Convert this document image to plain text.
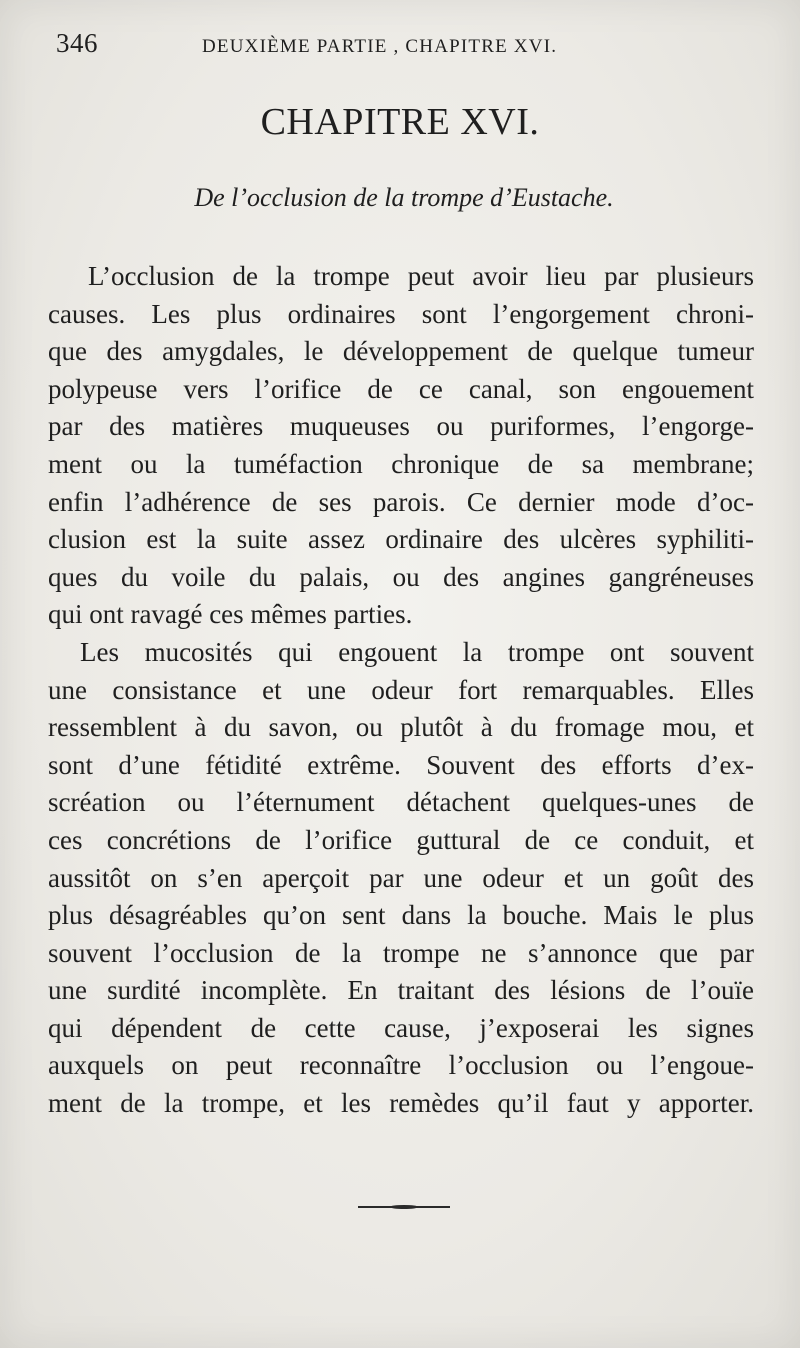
346	DEUXIÈME PARTIE , CHAPITRE XVI.
CHAPITRE XVI.
De l’occlusion de la trompe d’Eustache.
L’occlusion de la trompe peut avoir lieu par plusieurs
causes. Les plus ordinaires sont l’engorgement chroni-
que des amygdales, le développement de quelque tumeur
polypeuse vers l’orifice de ce canal, son engouement
par des matières muqueuses ou puriformes, l’engorge-
ment ou la tuméfaction chronique de sa membrane;
enfin l’adhérence de ses parois. Ce dernier mode d’oc-
clusion est la suite assez ordinaire des ulcères syphiliti-
ques du voile du palais, ou des angines gangréneuses
qui ont ravagé ces mêmes parties.
Les mucosités qui engouent la trompe ont souvent
une consistance et une odeur fort remarquables. Elles
ressemblent à du savon, ou plutôt à du fromage mou, et
sont d’une fétidité extrême. Souvent des efforts d’ex-
scréation ou l’éternument détachent quelques-unes de
ces concrétions de l’orifice guttural de ce conduit, et
aussitôt on s’en aperçoit par une odeur et un goût des
plus désagréables qu’on sent dans la bouche. Mais le plus
souvent l’occlusion de la trompe ne s’annonce que par
une surdité incomplète. En traitant des lésions de l’ouïe
qui dépendent de cette cause, j’exposerai les signes
auxquels on peut reconnaître l’occlusion ou l’engoue-
ment de la trompe, et les remèdes qu’il faut y apporter.
